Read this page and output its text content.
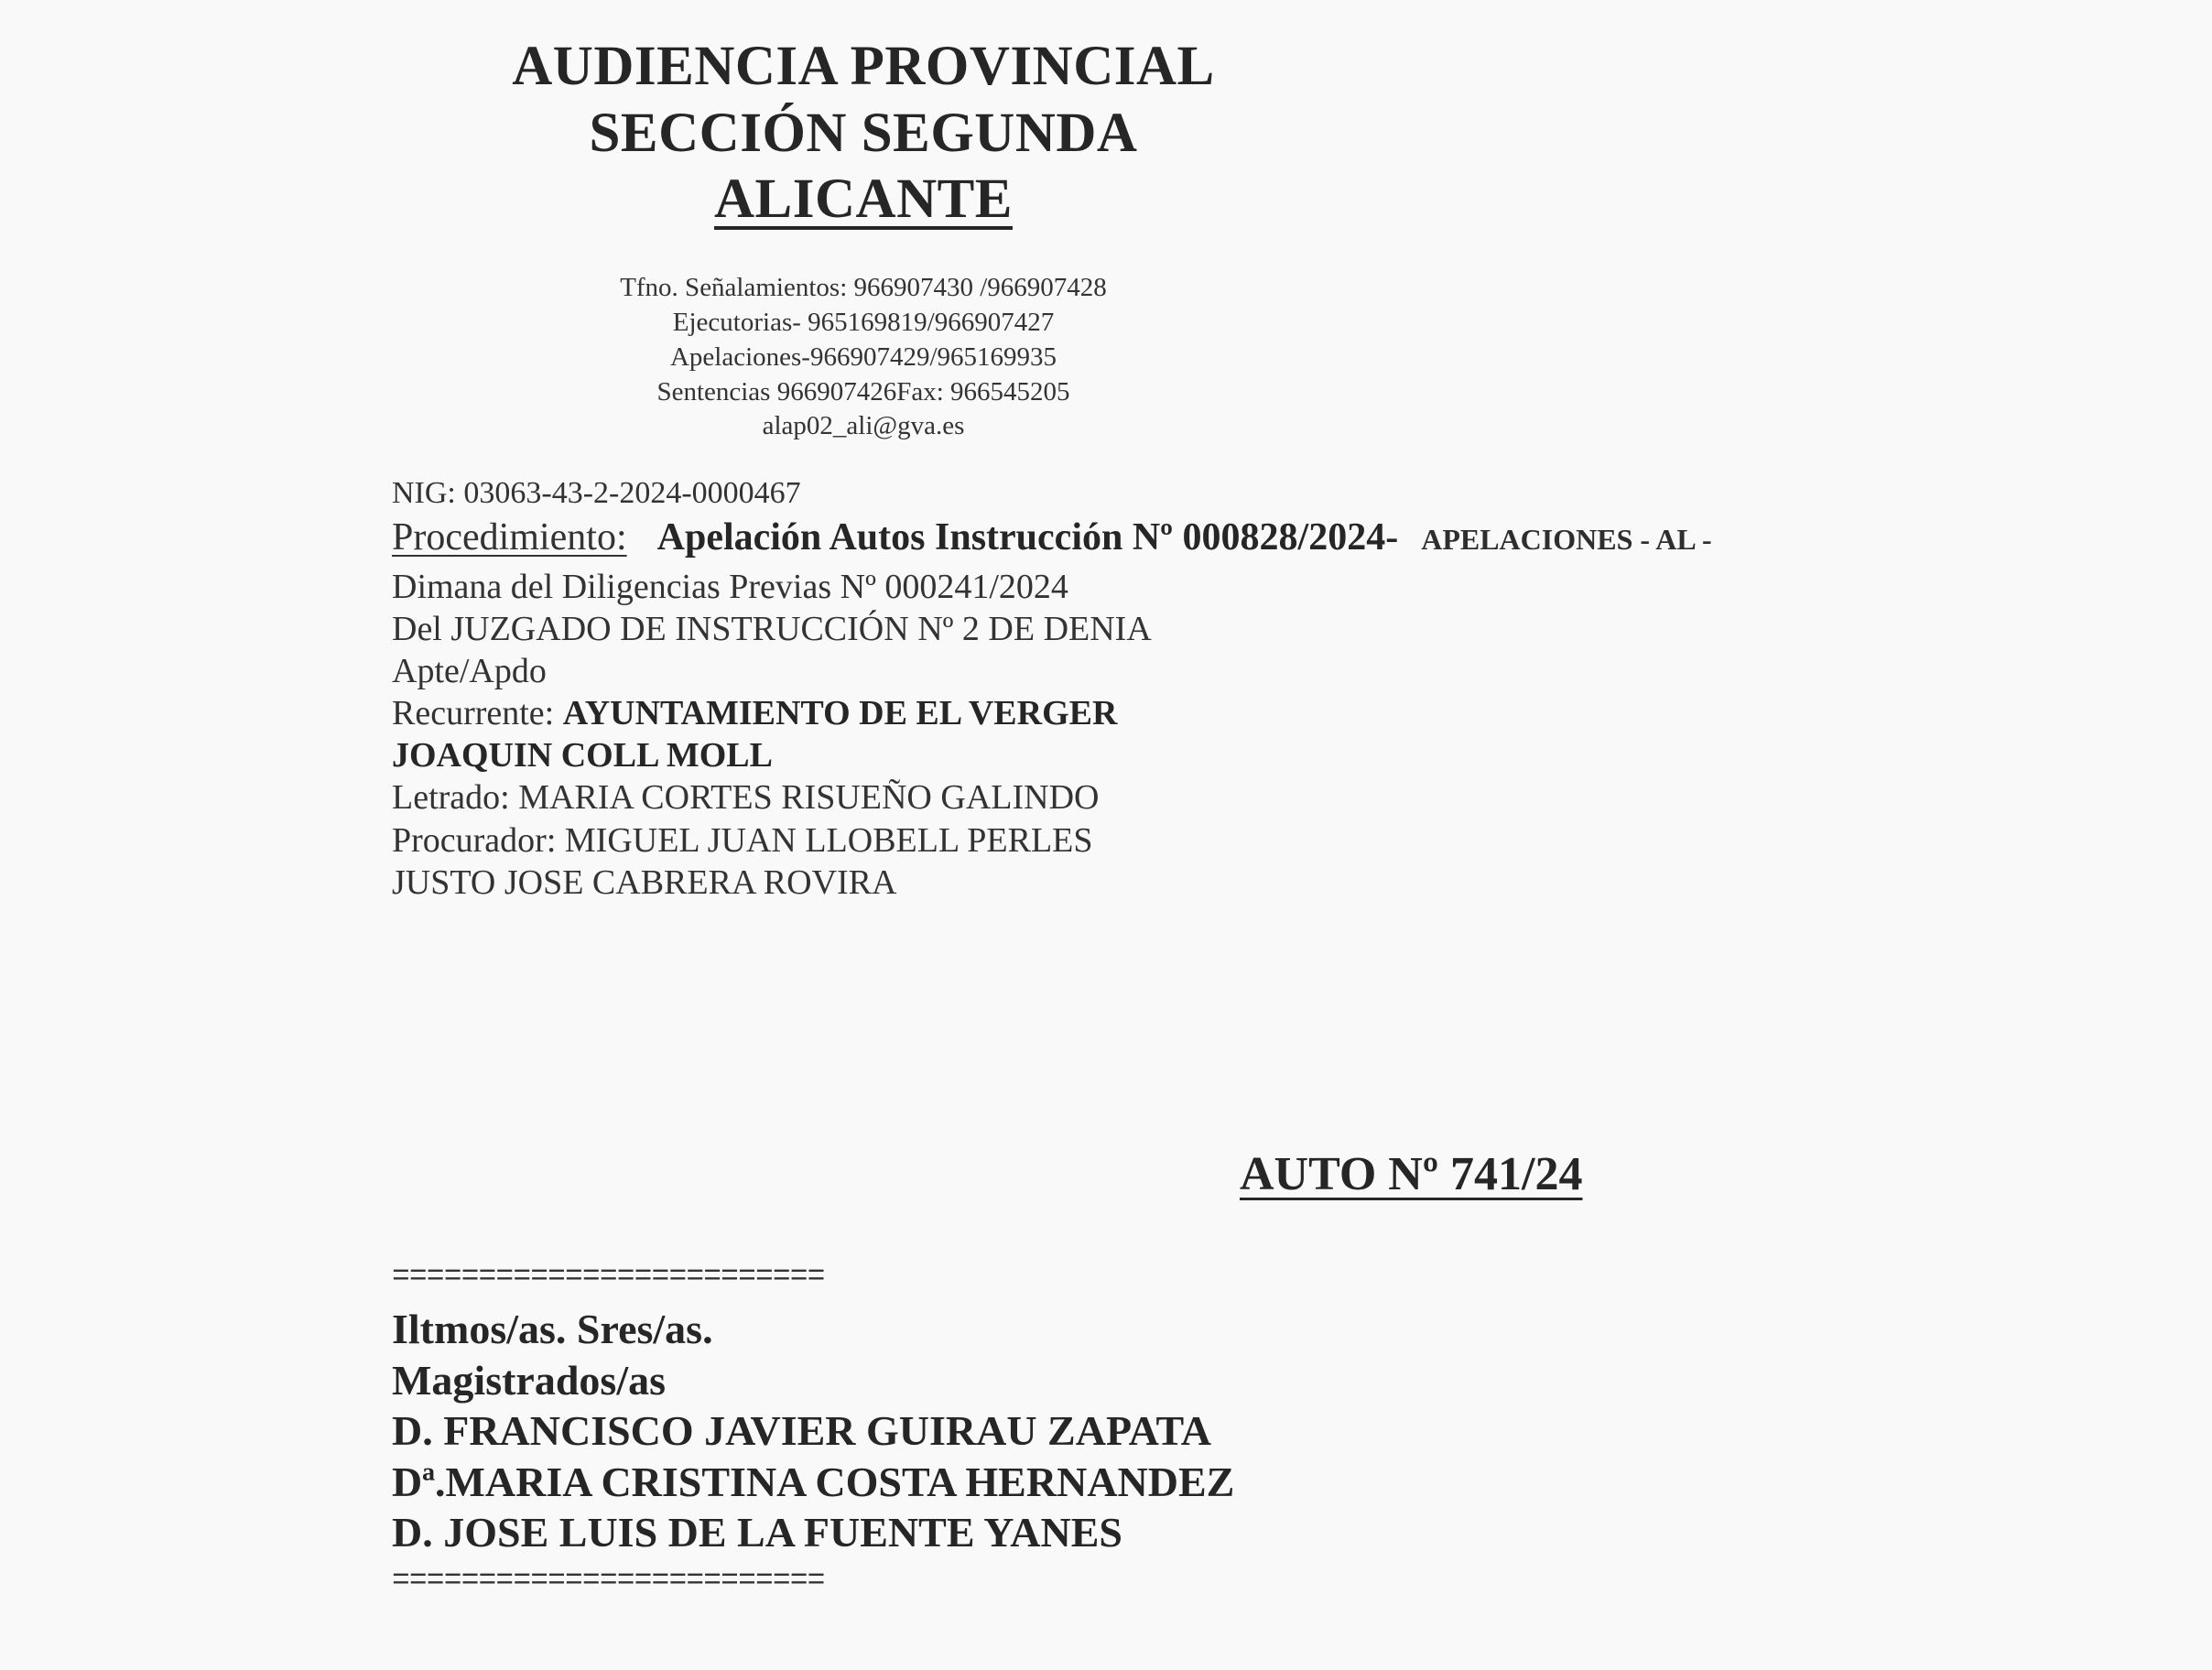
AUDIENCIA PROVINCIAL
SECCIÓN SEGUNDA
ALICANTE
Tfno. Señalamientos: 966907430 /966907428
Ejecutorias- 965169819/966907427
Apelaciones-966907429/965169935
Sentencias 966907426Fax: 966545205
alap02_ali@gva.es
NIG: 03063-43-2-2024-0000467
Procedimiento: Apelación Autos Instrucción Nº 000828/2024- APELACIONES - AL -
Dimana del Diligencias Previas Nº 000241/2024
Del JUZGADO DE INSTRUCCIÓN Nº 2 DE DENIA
Apte/Apdo
Recurrente: AYUNTAMIENTO DE EL VERGER
JOAQUIN COLL MOLL
Letrado: MARIA CORTES RISUEÑO GALINDO
Procurador: MIGUEL JUAN LLOBELL PERLES
JUSTO JOSE CABRERA ROVIRA
AUTO Nº 741/24
=========================
Iltmos/as. Sres/as.
Magistrados/as
D. FRANCISCO JAVIER GUIRAU ZAPATA
Dª.MARIA CRISTINA COSTA HERNANDEZ
D. JOSE LUIS DE LA FUENTE YANES
=========================
